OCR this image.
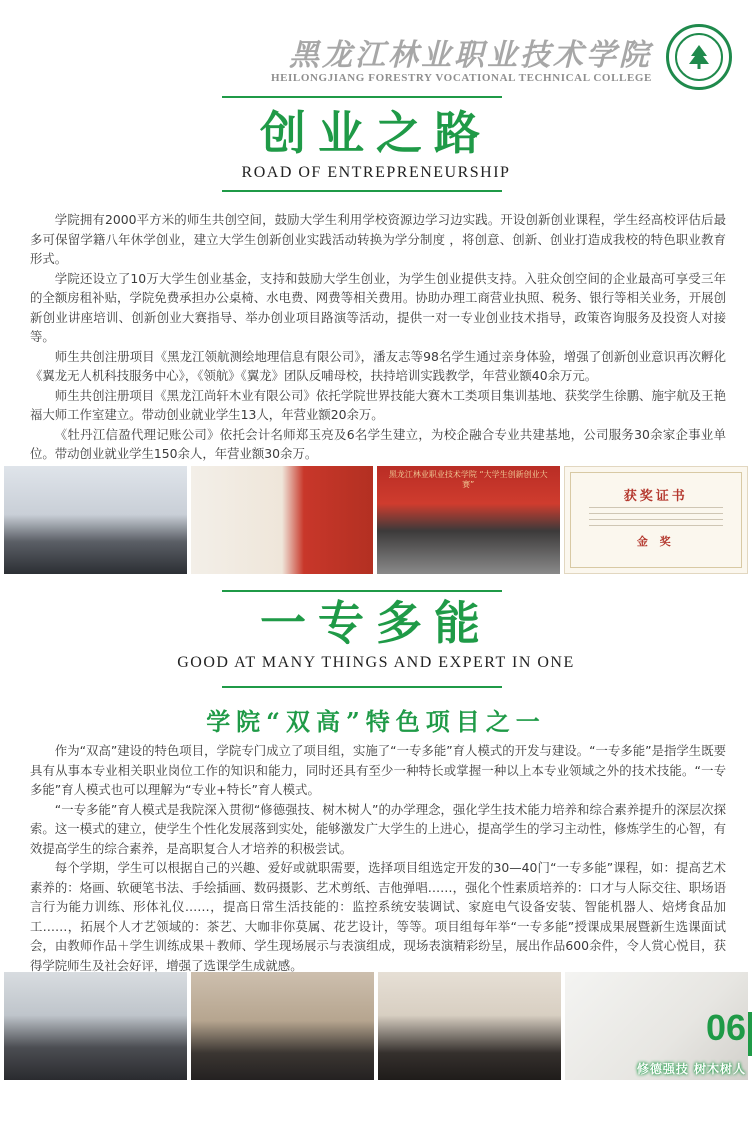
黑龙江林业职业技术学院
HEILONGJIANG FORESTRY VOCATIONAL TECHNICAL COLLEGE
创业之路
ROAD OF ENTREPRENEURSHIP

学院拥有2000平方米的师生共创空间，鼓励大学生利用学校资源边学习边实践。开设创新创业课程，学生经高校评估后最多可保留学籍八年休学创业，建立大学生创新创业实践活动转换为学分制度 ，将创意、创新、创业打造成我校的特色职业教育形式。

学院还设立了10万大学生创业基金，支持和鼓励大学生创业，为学生创业提供支持。入驻众创空间的企业最高可享受三年的全额房租补贴，学院免费承担办公桌椅、水电费、网费等相关费用。协助办理工商营业执照、税务、银行等相关业务，开展创新创业讲座培训、创新创业大赛指导、举办创业项目路演等活动，提供一对一专业创业技术指导，政策咨询服务及投资人对接等。

师生共创注册项目《黑龙江领航测绘地理信息有限公司》，潘友志等98名学生通过亲身体验，增强了创新创业意识再次孵化《翼龙无人机科技服务中心》，《领航》《翼龙》团队反哺母校，扶持培训实践教学，年营业额40余万元。

师生共创注册项目《黑龙江尚轩木业有限公司》依托学院世界技能大赛木工类项目集训基地、获奖学生徐鹏、施宇航及王艳福大师工作室建立。带动创业就业学生13人，年营业额20余万。

《牡丹江信盈代理记账公司》依托会计名师郑玉亮及6名学生建立，为校企融合专业共建基地，公司服务30余家企事业单位。带动创业就业学生150余人，年营业额30余万。

黑龙江林业职业技术学院 “大学生创新创业大赛”
获奖证书
金 奖
一专多能
GOOD AT MANY THINGS AND EXPERT IN ONE
学院“双高”特色项目之一

作为“双高”建设的特色项目，学院专门成立了项目组，实施了“一专多能”育人模式的开发与建设。“一专多能”是指学生既要具有从事本专业相关职业岗位工作的知识和能力，同时还具有至少一种特长或掌握一种以上本专业领域之外的技术技能。“一专多能”育人模式也可以理解为“专业+特长”育人模式。

“一专多能”育人模式是我院深入贯彻“修德强技、树木树人”的办学理念，强化学生技术能力培养和综合素养提升的深层次探索。这一模式的建立，使学生个性化发展落到实处，能够激发广大学生的上进心，提高学生的学习主动性，修炼学生的心智，有效提高学生的综合素养，是高职复合人才培养的积极尝试。

每个学期，学生可以根据自己的兴趣、爱好或就职需要，选择项目组选定开发的30—40门“一专多能”课程，如：提高艺术素养的：烙画、软硬笔书法、手绘插画、数码摄影、艺术剪纸、吉他弹唱……，强化个性素质培养的：口才与人际交往、职场语言行为能力训练、形体礼仪……，提高日常生活技能的：监控系统安装调试、家庭电气设备安装、智能机器人、焙烤食品加工……，拓展个人才艺领域的：茶艺、大咖非你莫属、花艺设计，等等。项目组每年举“一专多能”授课成果展暨新生选课面试会，由教师作品＋学生训练成果＋教师、学生现场展示与表演组成，现场表演精彩纷呈，展出作品600余件，令人赏心悦目，获得学院师生及社会好评，增强了选课学生成就感。

06
修德强技 树木树人
